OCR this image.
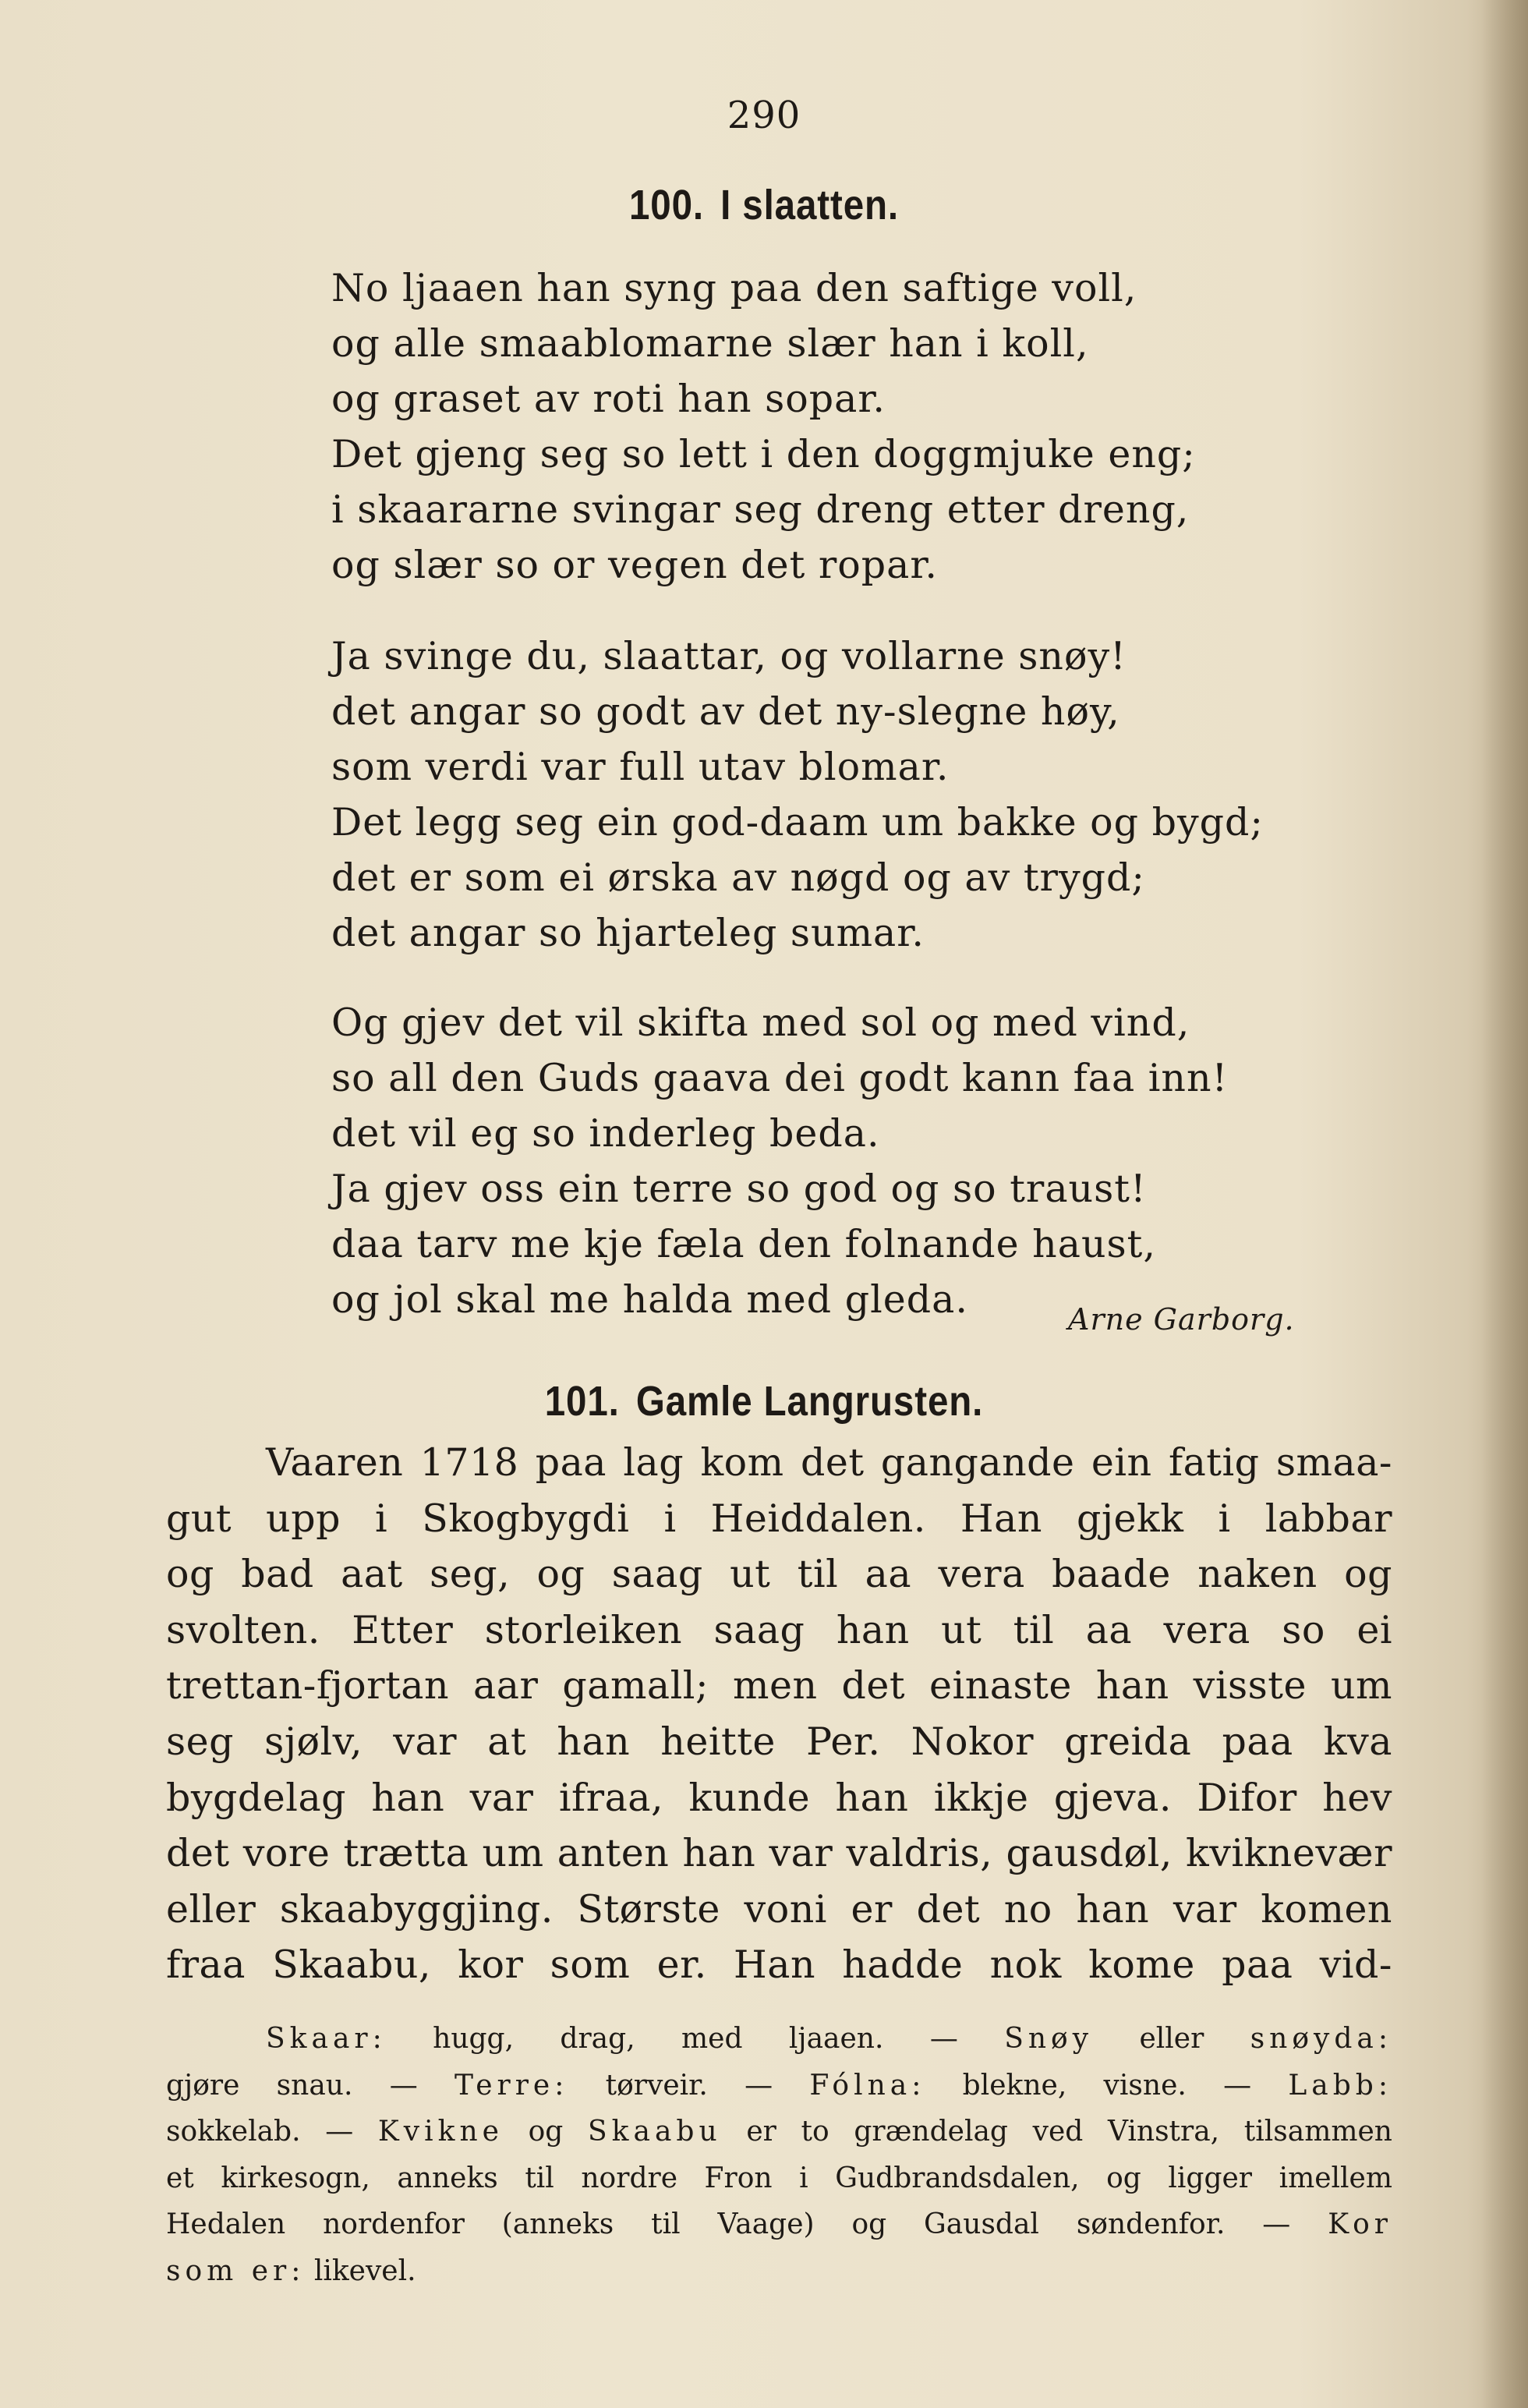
290
100. I slaatten.
No ljaaen han syng paa den saftige voll,
og alle smaablomarne slær han i koll,
og graset av roti han sopar.
Det gjeng seg so lett i den doggmjuke eng;
i skaararne svingar seg dreng etter dreng,
og slær so or vegen det ropar.
Ja svinge du, slaattar, og vollarne snøy!
det angar so godt av det ny-slegne høy,
som verdi var full utav blomar.
Det legg seg ein god-daam um bakke og bygd;
det er som ei ørska av nøgd og av trygd;
det angar so hjarteleg sumar.
Og gjev det vil skifta med sol og med vind,
so all den Guds gaava dei godt kann faa inn!
det vil eg so inderleg beda.
Ja gjev oss ein terre so god og so traust!
daa tarv me kje fæla den folnande haust,
og jol skal me halda med gleda.	Arne Garborg.
101. Gamle Langrusten.
Vaaren 1718 paa lag kom det gangande ein fatig smaa-
gut upp i Skogbygdi i Heiddalen. Han gjekk i labbar
og bad aat seg, og saag ut til aa vera baade naken og
svolten. Etter storleiken saag han ut til aa vera so ei
trettan-fjortan aar gamall; men det einaste han visste um
seg sjølv, var at han heitte Per. Nokor greida paa kva
bygdelag han var ifraa, kunde han ikkje gjeva. Difor hev
det vore trætta um anten han var valdris, gausdøl, kviknevær
eller skaabyggjing. Største voni er det no han var komen
fraa Skaabu, kor som er. Han hadde nok kome paa vid-
Skaar: hugg, drag, med ljaaen. — Snøy eller snøyda:
gjøre snau. — Terre: tørveir. — Fólna: blekne, visne. — Labb:
sokkelab. — Kvikne og Skaabu er to grændelag ved Vinstra, tilsammen
et kirkesogn, anneks til nordre Fron i Gudbrandsdalen, og ligger imellem
Hedalen nordenfor (anneks til Vaage) og Gausdal søndenfor. — Kor
som er: likevel.
